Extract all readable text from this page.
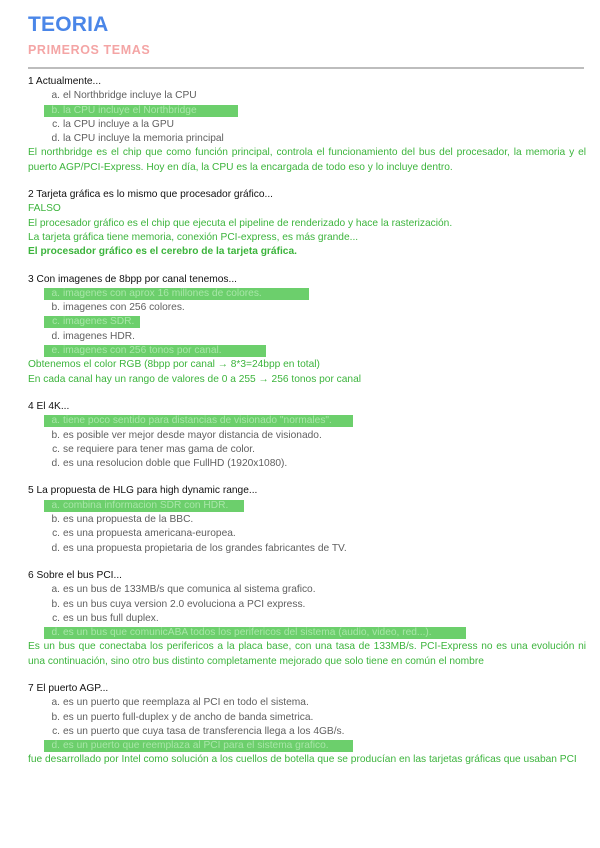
TEORIA
PRIMEROS TEMAS
1 Actualmente...
a. el Northbridge incluye la CPU
b. la CPU incluye el Northbridge
c. la CPU incluye a la GPU
d. la CPU incluye la memoria principal
El northbridge es el chip que como función principal, controla el funcionamiento del bus del procesador, la memoria y el puerto AGP/PCI-Express. Hoy en día, la CPU es la encargada de todo eso y lo incluye dentro.
2 Tarjeta gráfica es lo mismo que procesador gráfico...
FALSO
El procesador gráfico es el chip que ejecuta el pipeline de renderizado y hace la rasterización.
La tarjeta gráfica tiene memoria, conexión PCI-express, es más grande...
El procesador gráfico es el cerebro de la tarjeta gráfica.
3 Con imagenes de 8bpp por canal tenemos...
a. imagenes con aprox 16 millones de colores.
b. imagenes con 256 colores.
c. imagenes SDR.
d. imagenes HDR.
e. imagenes con 256 tonos por canal.
Obtenemos el color RGB (8bpp por canal → 8*3=24bpp en total)
En cada canal hay un rango de valores de 0 a 255 → 256 tonos por canal
4 El 4K...
a. tiene poco sentido para distancias de visionado "normales".
b. es posible ver mejor desde mayor distancia de visionado.
c. se requiere para tener mas gama de color.
d. es una resolucion doble que FullHD (1920x1080).
5 La propuesta de HLG para high dynamic range...
a. combina informacion SDR con HDR.
b. es una propuesta de la BBC.
c. es una propuesta americana-europea.
d. es una propuesta propietaria de los grandes fabricantes de TV.
6 Sobre el bus PCI...
a. es un bus de 133MB/s que comunica al sistema grafico.
b. es un bus cuya version 2.0 evoluciona a PCI express.
c. es un bus full duplex.
d. es un bus que comunicABA todos los perifericos del sistema (audio, video, red...).
Es un bus que conectaba los perifericos a la placa base, con una tasa de 133MB/s. PCI-Express no es una evolución ni una continuación, sino otro bus distinto completamente mejorado que solo tiene en común el nombre
7 El puerto AGP...
a. es un puerto que reemplaza al PCI en todo el sistema.
b. es un puerto full-duplex y de ancho de banda simetrica.
c. es un puerto que cuya tasa de transferencia llega a los 4GB/s.
d. es un puerto que reemplaza al PCI para el sistema grafico.
fue desarrollado por Intel como solución a los cuellos de botella que se producían en las tarjetas gráficas que usaban PCI
